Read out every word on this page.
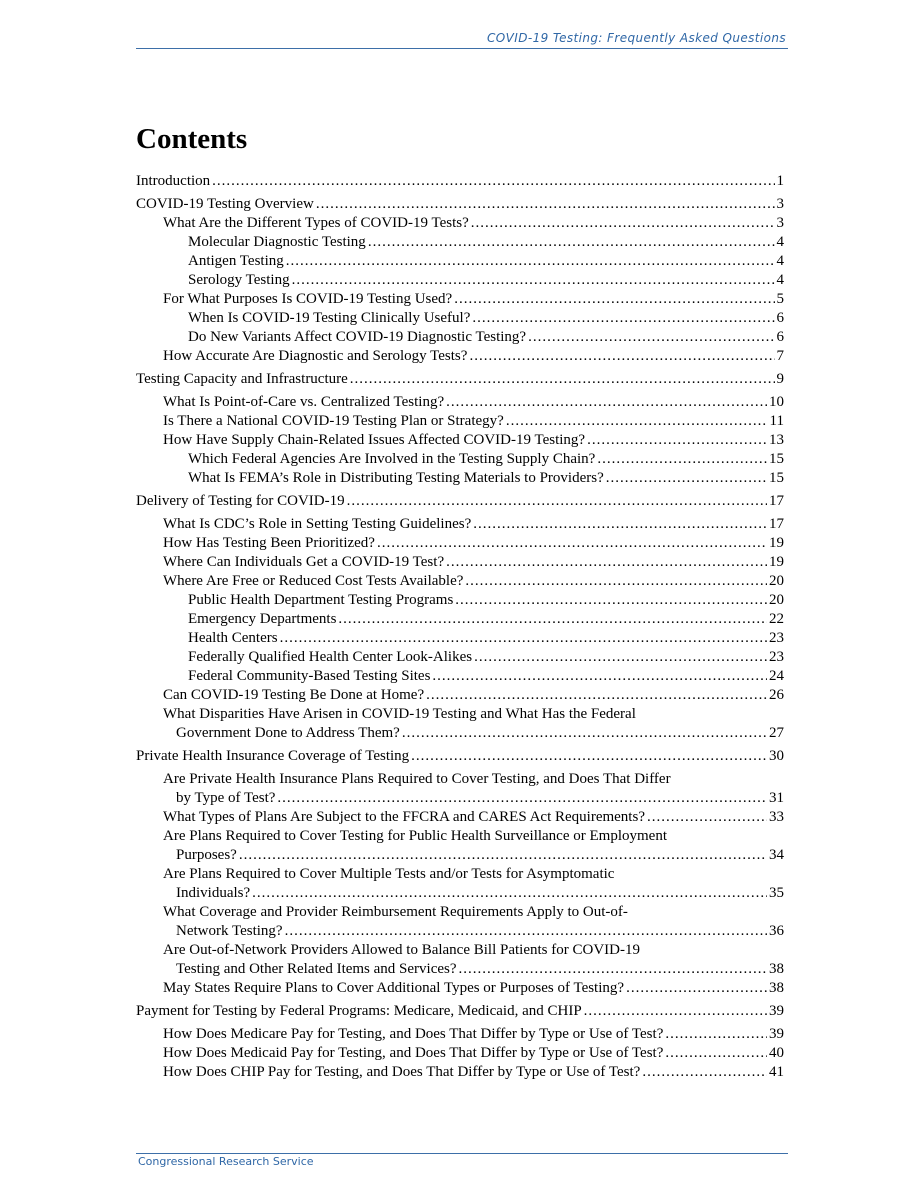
COVID-19 Testing: Frequently Asked Questions
Contents
Introduction .....	1
COVID-19 Testing Overview .....	3
What Are the Different Types of COVID-19 Tests? .....	3
Molecular Diagnostic Testing .....	4
Antigen Testing .....	4
Serology Testing .....	4
For What Purposes Is COVID-19 Testing Used? .....	5
When Is COVID-19 Testing Clinically Useful? .....	6
Do New Variants Affect COVID-19 Diagnostic Testing? .....	6
How Accurate Are Diagnostic and Serology Tests? .....	7
Testing Capacity and Infrastructure .....	9
What Is Point-of-Care vs. Centralized Testing? .....	10
Is There a National COVID-19 Testing Plan or Strategy? .....	11
How Have Supply Chain-Related Issues Affected COVID-19 Testing? .....	13
Which Federal Agencies Are Involved in the Testing Supply Chain? .....	15
What Is FEMA’s Role in Distributing Testing Materials to Providers? .....	15
Delivery of Testing for COVID-19 .....	17
What Is CDC’s Role in Setting Testing Guidelines? .....	17
How Has Testing Been Prioritized? .....	19
Where Can Individuals Get a COVID-19 Test? .....	19
Where Are Free or Reduced Cost Tests Available? .....	20
Public Health Department Testing Programs .....	20
Emergency Departments .....	22
Health Centers .....	23
Federally Qualified Health Center Look-Alikes .....	23
Federal Community-Based Testing Sites .....	24
Can COVID-19 Testing Be Done at Home? .....	26
What Disparities Have Arisen in COVID-19 Testing and What Has the Federal
Government Done to Address Them? .....	27
Private Health Insurance Coverage of Testing .....	30
Are Private Health Insurance Plans Required to Cover Testing, and Does That Differ
by Type of Test? .....	31
What Types of Plans Are Subject to the FFCRA and CARES Act Requirements? .....	33
Are Plans Required to Cover Testing for Public Health Surveillance or Employment
Purposes? .....	34
Are Plans Required to Cover Multiple Tests and/or Tests for Asymptomatic
Individuals? .....	35
What Coverage and Provider Reimbursement Requirements Apply to Out-of-
Network Testing? .....	36
Are Out-of-Network Providers Allowed to Balance Bill Patients for COVID-19
Testing and Other Related Items and Services? .....	38
May States Require Plans to Cover Additional Types or Purposes of Testing? .....	38
Payment for Testing by Federal Programs: Medicare, Medicaid, and CHIP .....	39
How Does Medicare Pay for Testing, and Does That Differ by Type or Use of Test? .....	39
How Does Medicaid Pay for Testing, and Does That Differ by Type or Use of Test? .....	40
How Does CHIP Pay for Testing, and Does That Differ by Type or Use of Test? .....	41
Congressional Research Service
